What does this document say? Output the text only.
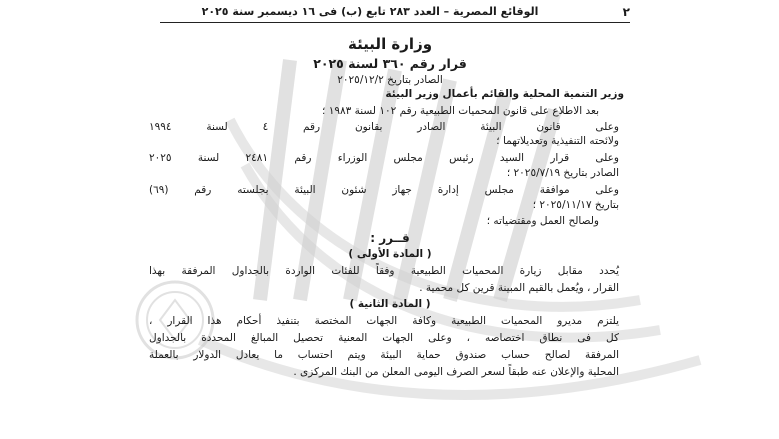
٢
الوقائع المصرية – العدد ٢٨٣ تابع (ب) فى ١٦ ديسمبر سنة ٢٠٢٥
وزارة البيئة
قرار رقم ٣٦٠ لسنة ٢٠٢٥
الصادر بتاريخ ٢٠٢٥/١٢/٢
وزير التنمية المحلية والقائم بأعمال وزير البيئة
بعد الاطلاع على قانون المحميات الطبيعية رقم ١٠٢ لسنة ١٩٨٣ ؛
وعلى قانون البيئة الصادر بقانون رقم ٤ لسنة ١٩٩٤
ولائحته التنفيذية وتعديلاتهما ؛
وعلى قرار السيد رئيس مجلس الوزراء رقم ٢٤٨١ لسنة ٢٠٢٥
الصادر بتاريخ ٢٠٢٥/٧/١٩ ؛
وعلى موافقة مجلس إدارة جهاز شئون البيئة بجلسته رقم (٦٩)
بتاريخ ٢٠٢٥/١١/١٧ ؛
ولصالح العمل ومقتضياته ؛
قــرر :
( المادة الأولى )
يُحدد مقابل زيارة المحميات الطبيعية وفقاً للفئات الواردة بالجداول المرفقة بهذا
القرار ، ويُعمل بالقيم المبينة قرين كل محمية .
( المادة الثانية )
يلتزم مديرو المحميات الطبيعية وكافة الجهات المختصة بتنفيذ أحكام هذا القرار ،
كل فى نطاق اختصاصه ، وعلى الجهات المعنية تحصيل المبالغ المحددة بالجداول
المرفقة لصالح حساب صندوق حماية البيئة ويتم احتساب ما يعادل الدولار بالعملة
المحلية والإعلان عنه طبقاً لسعر الصرف اليومى المعلن من البنك المركزى .
